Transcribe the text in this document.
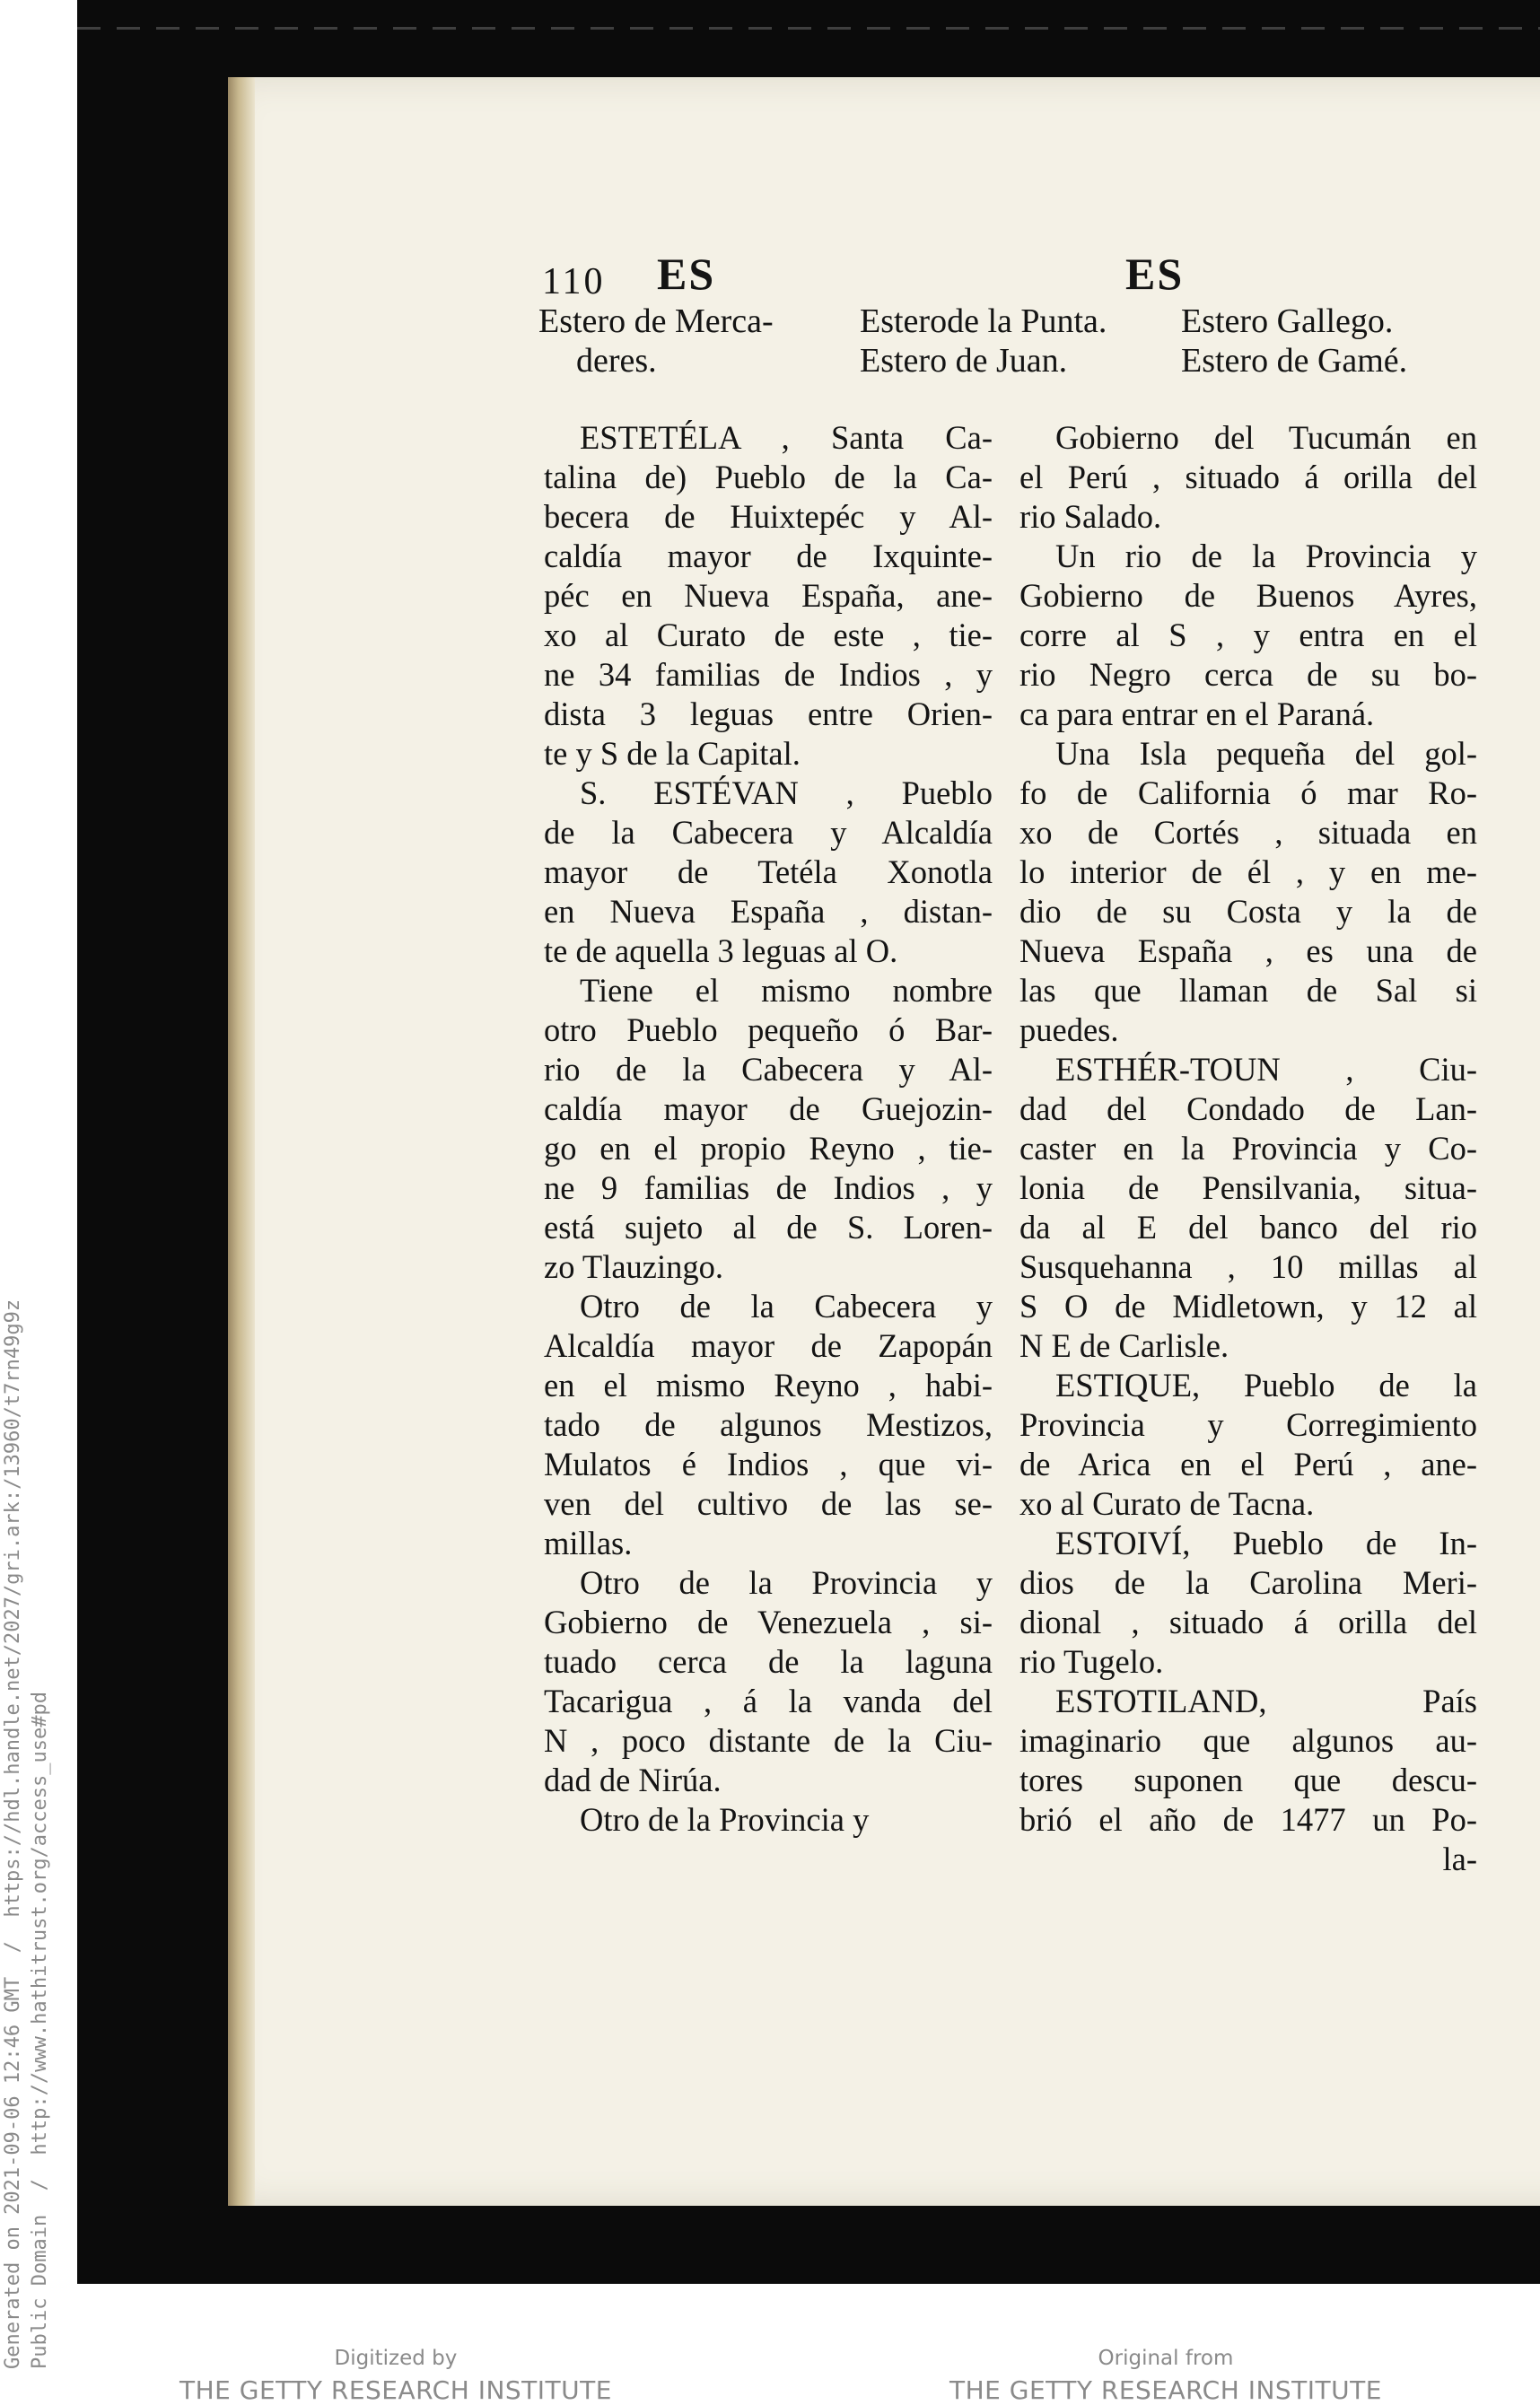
Generated on 2021-09-06 12:46 GMT  /  https://hdl.handle.net/2027/gri.ark:/13960/t7rn49g9z Public Domain  /  http://www.hathitrust.org/access_use#pd
110 ES	ES
Estero de Merca-
deres.
Esterode la Punta.
Estero de Juan.
Estero Gallego.
Estero de Gamé.

ESTETÉLA , Santa Ca-

talina de) Pueblo de la Ca-

becera de Huixtepéc y Al-

caldía mayor de Ixquinte-

péc en Nueva España, ane-

xo al Curato de este , tie-

ne 34 familias de Indios , y

dista 3 leguas entre Orien-

te y S de la Capital.

S. ESTÉVAN , Pueblo

de la Cabecera y Alcaldía

mayor de Tetéla Xonotla

en Nueva España , distan-

te de aquella 3 leguas al O.

Tiene el mismo nombre

otro Pueblo pequeño ó Bar-

rio de la Cabecera y Al-

caldía mayor de Guejozin-

go en el propio Reyno , tie-

ne 9 familias de Indios , y

está sujeto al de S. Loren-

zo Tlauzingo.

Otro de la Cabecera y

Alcaldía mayor de Zapopán

en el mismo Reyno , habi-

tado de algunos Mestizos,

Mulatos é Indios , que vi-

ven del cultivo de las se-

millas.

Otro de la Provincia y

Gobierno de Venezuela , si-

tuado cerca de la laguna

Tacarigua , á la vanda del

N , poco distante de la Ciu-

dad de Nirúa.

Otro de la Provincia y

Gobierno del Tucumán en

el Perú , situado á orilla del

rio Salado.

Un rio de la Provincia y

Gobierno de Buenos Ayres,

corre al S , y entra en el

rio Negro cerca de su bo-

ca para entrar en el Paraná.

Una Isla pequeña del gol-

fo de California ó mar Ro-

xo de Cortés , situada en

lo interior de él , y en me-

dio de su Costa y la de

Nueva España , es una de

las que llaman de Sal si

puedes.

ESTHÉR-TOUN , Ciu-

dad del Condado de Lan-

caster en la Provincia y Co-

lonia de Pensilvania, situa-

da al E del banco del rio

Susquehanna , 10 millas al

S O de Midletown, y 12 al

N E de Carlisle.

ESTIQUE, Pueblo de la

Provincia y Corregimiento

de Arica en el Perú , ane-

xo al Curato de Tacna.

ESTOIVÍ, Pueblo de In-

dios de la Carolina Meri-

dional , situado á orilla del

rio Tugelo.

ESTOTILAND, País

imaginario que algunos au-

tores suponen que descu-

brió el año de 1477 un Po-

la-

Digitized by
THE GETTY RESEARCH INSTITUTE
Original from
THE GETTY RESEARCH INSTITUTE
